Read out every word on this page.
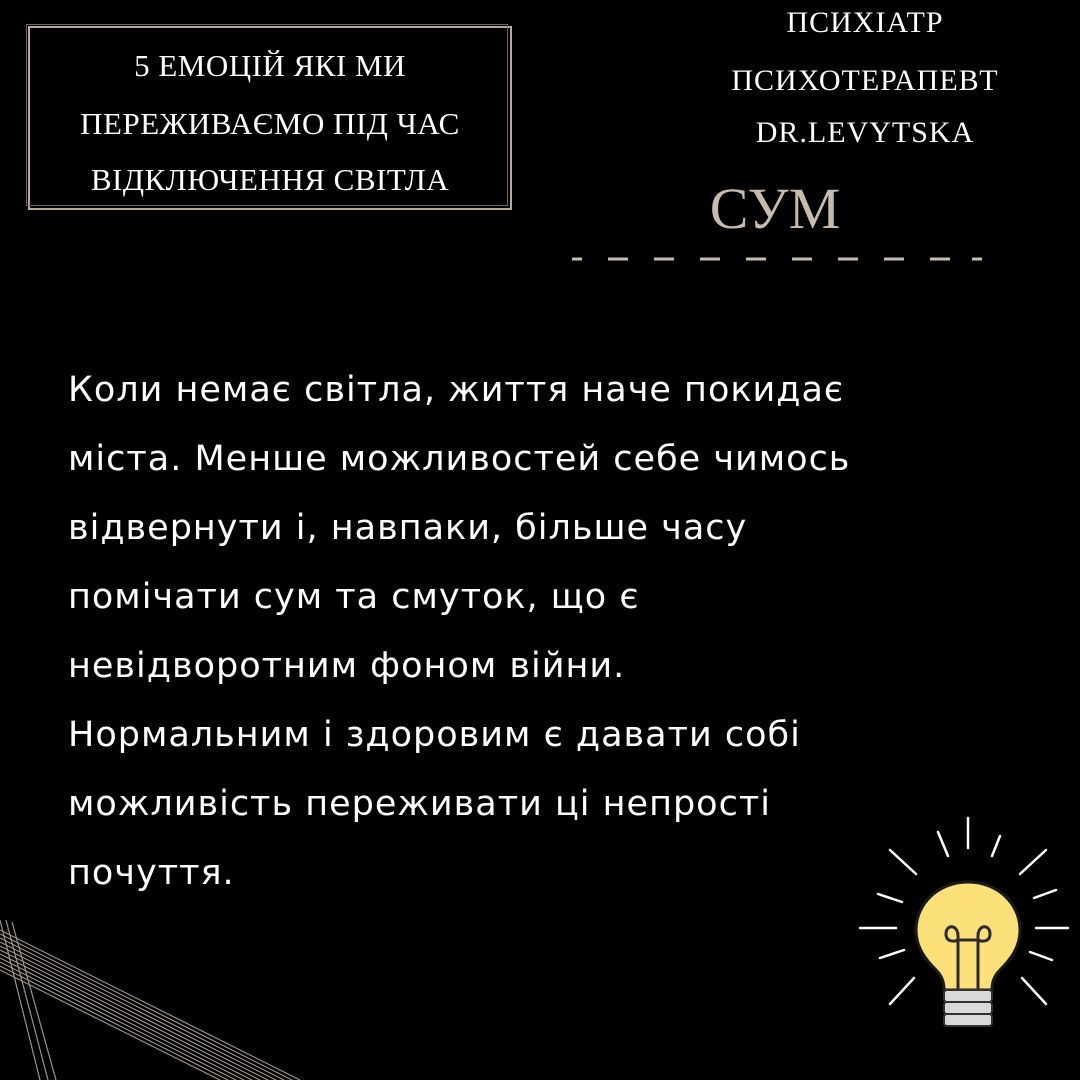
5 ЕМОЦІЙ ЯКІ МИ
ПЕРЕЖИВАЄМО ПІД ЧАС
ВІДКЛЮЧЕННЯ СВІТЛА
ПСИХІАТР
ПСИХОТЕРАПЕВТ
DR.LEVYTSKA
СУМ

Коли немає світла, життя наче покидає
міста. Менше можливостей себе чимось
відвернути і, навпаки, більше часу
помічати сум та смуток, що є
невідворотним фоном війни.
Нормальним і здоровим є давати собі
можливість переживати ці непрості
почуття.
